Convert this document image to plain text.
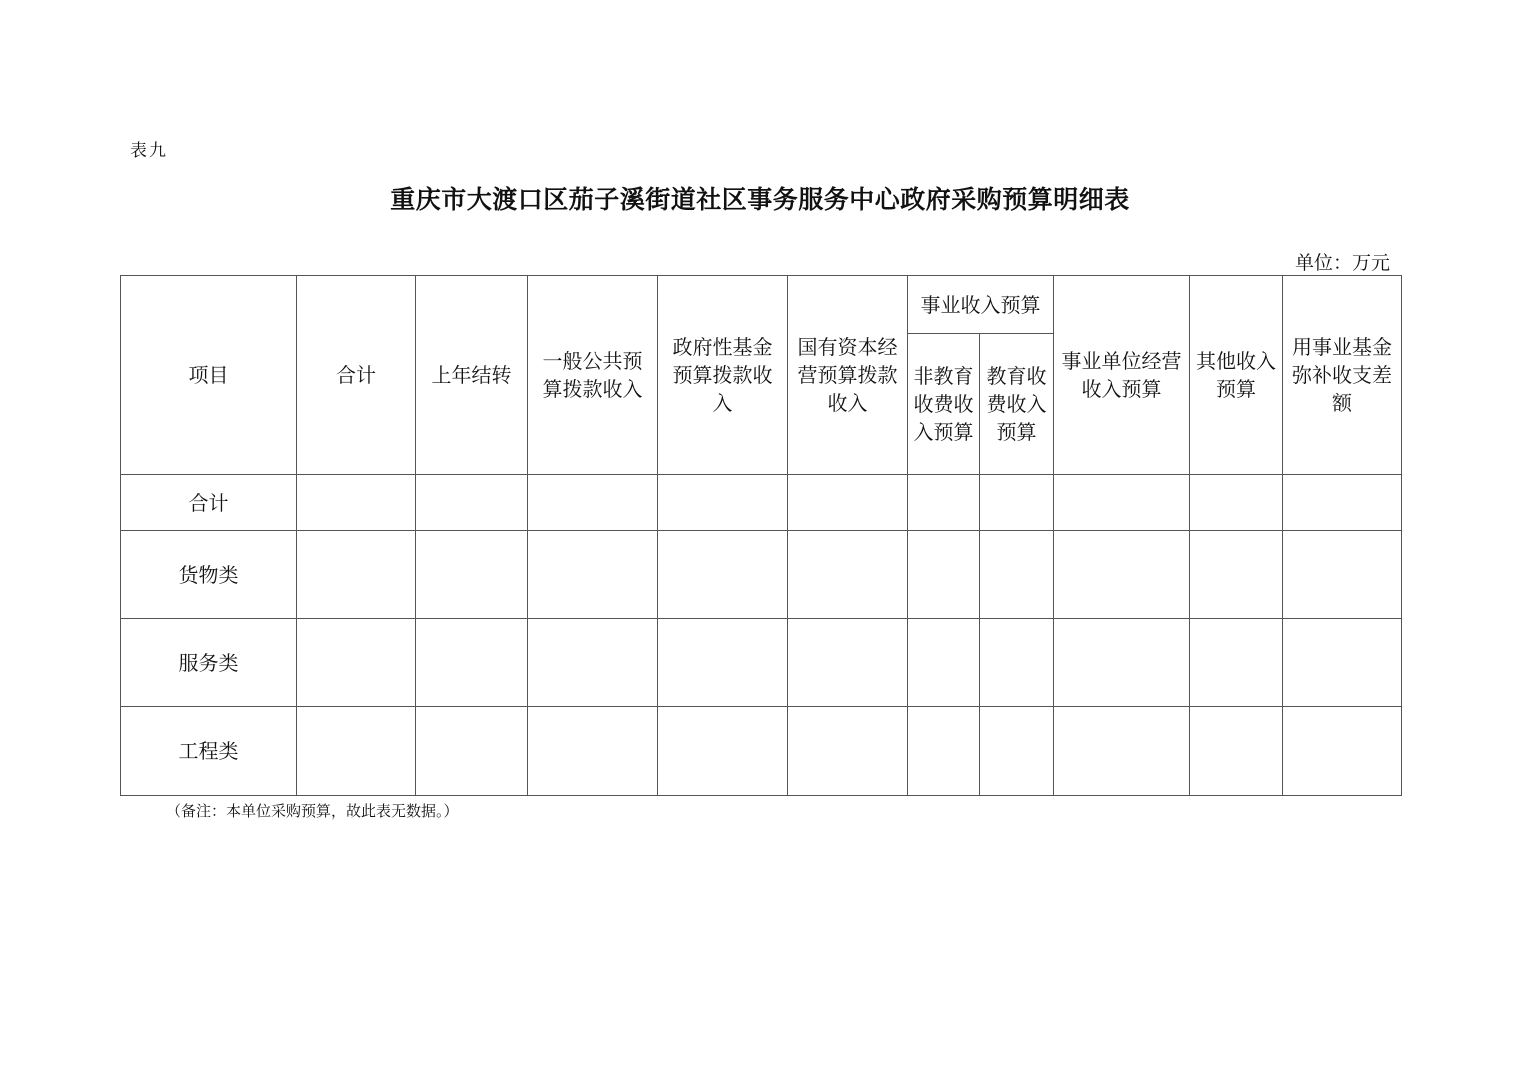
表九
重庆市大渡口区茄子溪街道社区事务服务中心政府采购预算明细表
单位：万元
项目	合计	上年结转	一般公共预算拨款收入	政府性基金预算拨款收入	国有资本经营预算拨款收入	事业收入预算		事业单位经营收入预算	其他收入预算	用事业基金弥补收支差额
						非教育收费收入预算	教育收费收入预算			
合计										
货物类										
服务类										
工程类										
（备注：本单位采购预算，故此表无数据。）
